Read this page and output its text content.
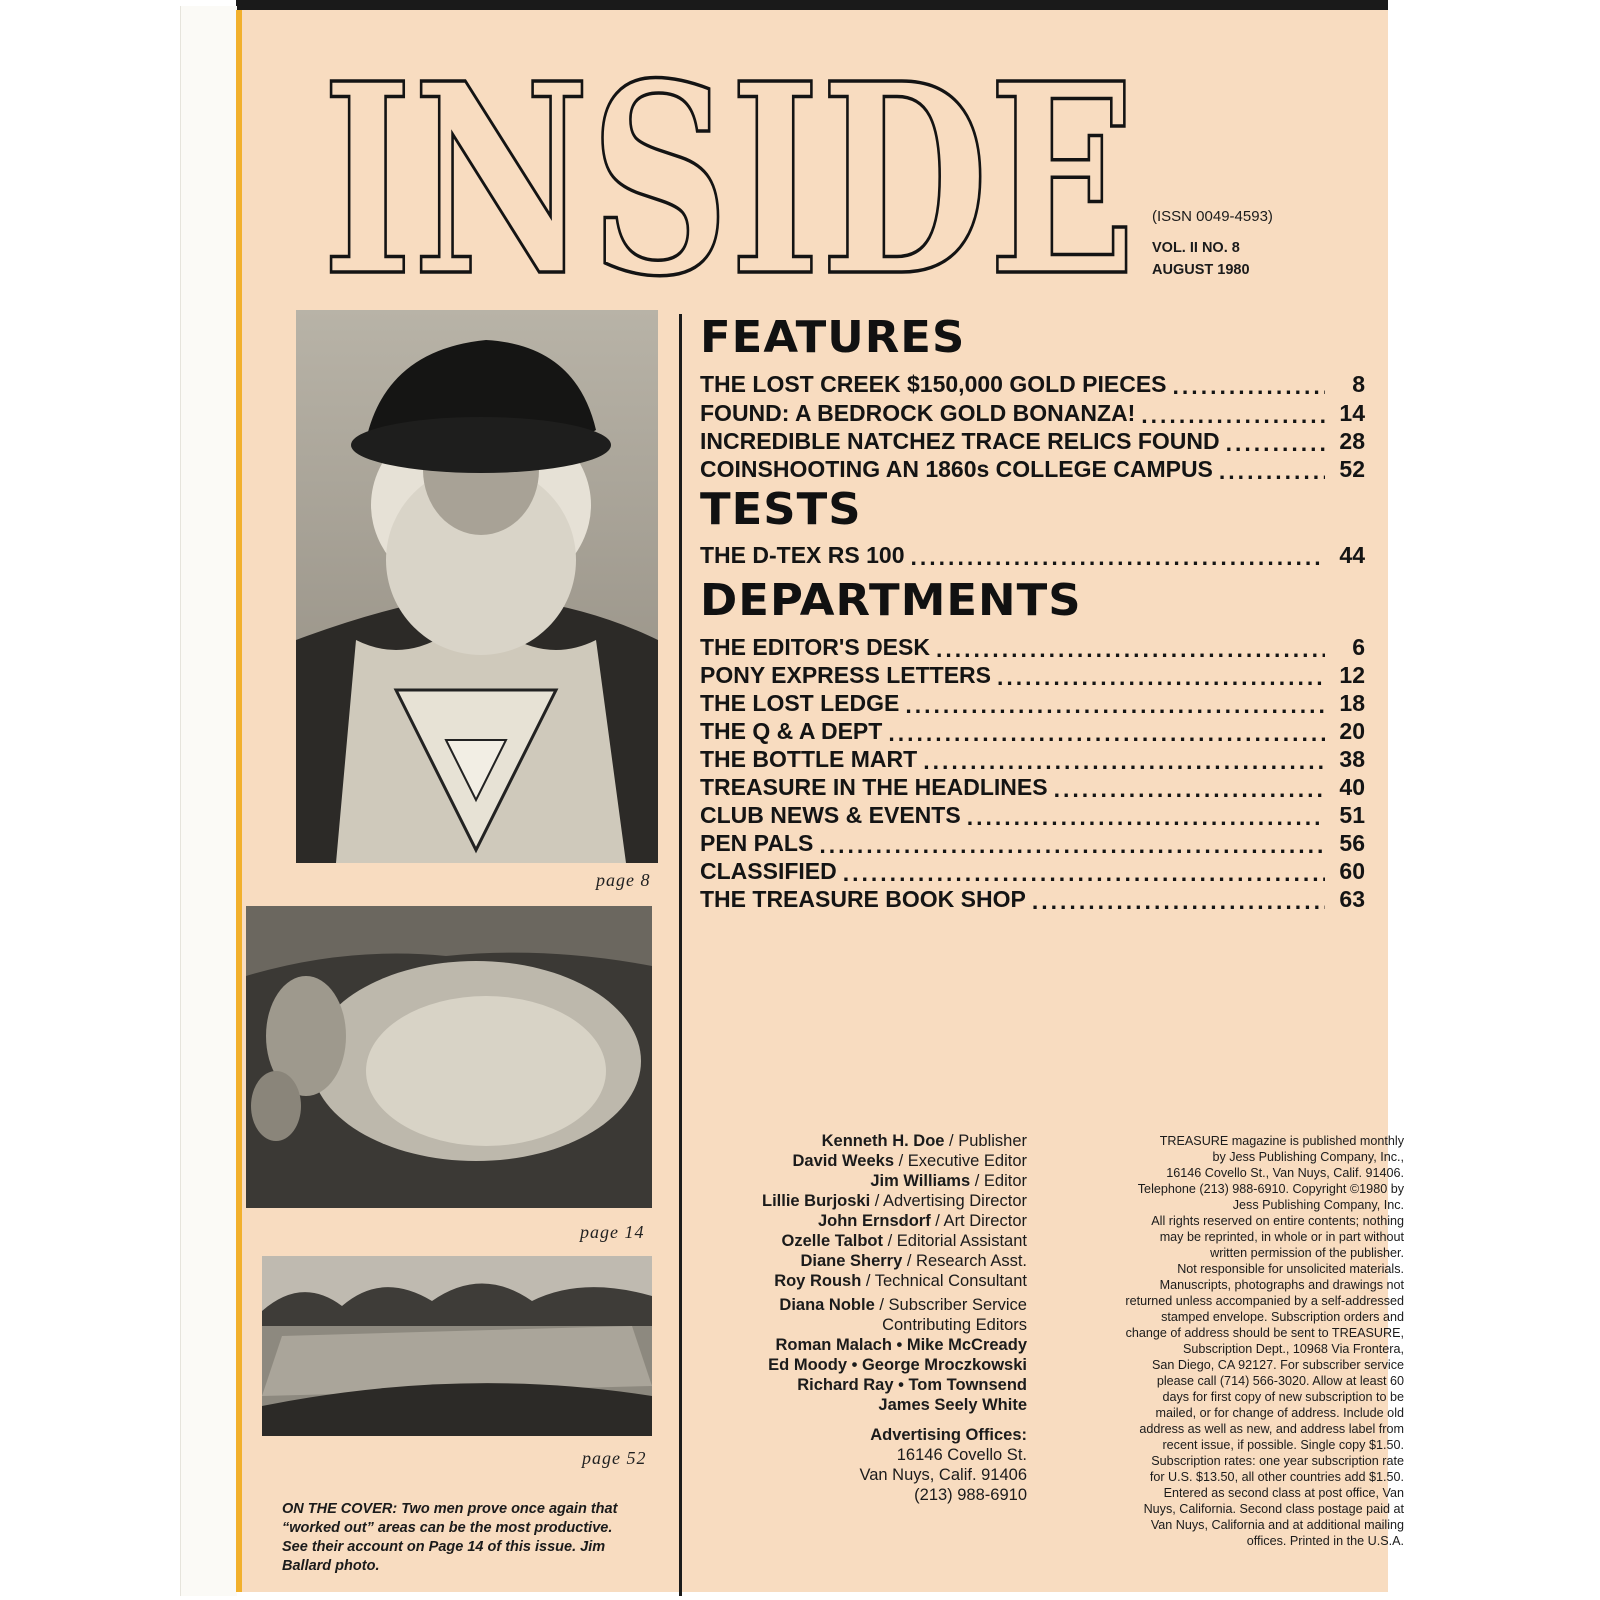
INSIDE (ISSN 0049-4593)
VOL. II NO. 8
AUGUST 1980
page 8
page 14
page 52
ON THE COVER: Two men prove once again that “worked out” areas can be the most productive. See their account on Page 14 of this issue. Jim Ballard photo.
FEATURES
THE LOST CREEK $150,000 GOLD PIECES .....	8
FOUND: A BEDROCK GOLD BONANZA! .....	14
INCREDIBLE NATCHEZ TRACE RELICS FOUND .....	28
COINSHOOTING AN 1860s COLLEGE CAMPUS .....	52
TESTS
THE D-TEX RS 100 .....	44
DEPARTMENTS
THE EDITOR'S DESK .....	6
PONY EXPRESS LETTERS .....	12
THE LOST LEDGE .....	18
THE Q & A DEPT .....	20
THE BOTTLE MART .....	38
TREASURE IN THE HEADLINES .....	40
CLUB NEWS & EVENTS .....	51
PEN PALS .....	56
CLASSIFIED .....	60
THE TREASURE BOOK SHOP .....	63
Kenneth H. Doe / Publisher
David Weeks / Executive Editor
Jim Williams / Editor
Lillie Burjoski / Advertising Director
John Ernsdorf / Art Director
Ozelle Talbot / Editorial Assistant
Diane Sherry / Research Asst.
Roy Roush / Technical Consultant
Diana Noble / Subscriber Service
Contributing Editors
Roman Malach • Mike McCready
Ed Moody • George Mroczkowski
Richard Ray • Tom Townsend
James Seely White
Advertising Offices:
16146 Covello St.
Van Nuys, Calif. 91406
(213) 988-6910
TREASURE magazine is published monthly
by Jess Publishing Company, Inc.,
16146 Covello St., Van Nuys, Calif. 91406.
Telephone (213) 988-6910. Copyright ©1980 by
Jess Publishing Company, Inc.
All rights reserved on entire contents; nothing
may be reprinted, in whole or in part without
written permission of the publisher.
Not responsible for unsolicited materials.
Manuscripts, photographs and drawings not
returned unless accompanied by a self-addressed
stamped envelope. Subscription orders and
change of address should be sent to TREASURE,
Subscription Dept., 10968 Via Frontera,
San Diego, CA 92127. For subscriber service
please call (714) 566-3020. Allow at least 60
days for first copy of new subscription to be
mailed, or for change of address. Include old
address as well as new, and address label from
recent issue, if possible. Single copy $1.50.
Subscription rates: one year subscription rate
for U.S. $13.50, all other countries add $1.50.
Entered as second class at post office, Van
Nuys, California. Second class postage paid at
Van Nuys, California and at additional mailing
offices. Printed in the U.S.A.
